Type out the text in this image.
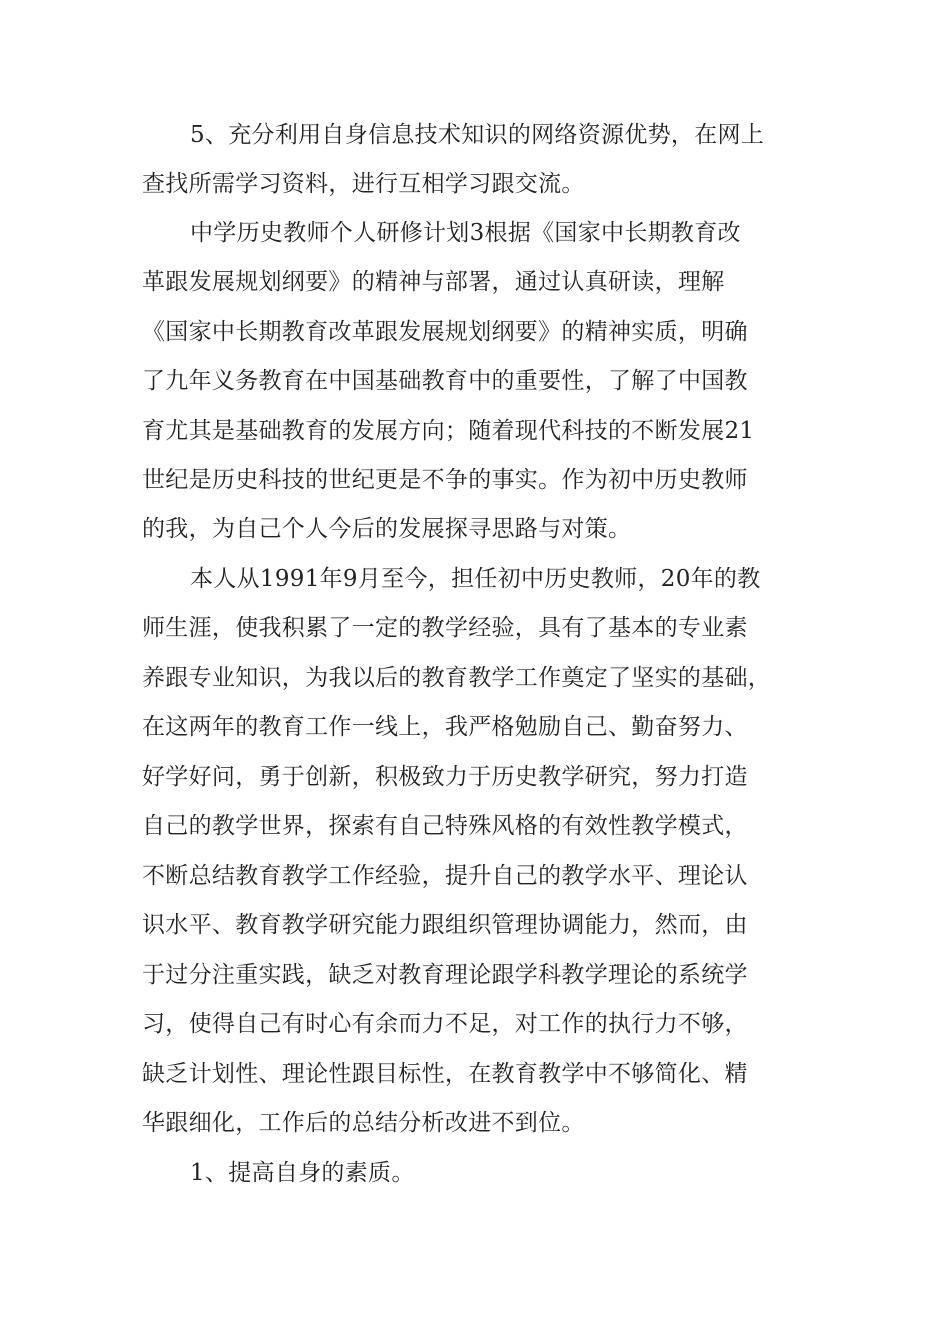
5、充分利用自身信息技术知识的网络资源优势，在网上

查找所需学习资料，进行互相学习跟交流。

中学历史教师个人研修计划3根据《国家中长期教育改

革跟发展规划纲要》的精神与部署，通过认真研读，理解

《国家中长期教育改革跟发展规划纲要》的精神实质，明确

了九年义务教育在中国基础教育中的重要性，了解了中国教

育尤其是基础教育的发展方向；随着现代科技的不断发展21

世纪是历史科技的世纪更是不争的事实。作为初中历史教师

的我，为自己个人今后的发展探寻思路与对策。

本人从1991年9月至今，担任初中历史教师，20年的教

师生涯，使我积累了一定的教学经验，具有了基本的专业素

养跟专业知识，为我以后的教育教学工作奠定了坚实的基础，

在这两年的教育工作一线上，我严格勉励自己、勤奋努力、

好学好问，勇于创新，积极致力于历史教学研究，努力打造

自己的教学世界，探索有自己特殊风格的有效性教学模式，

不断总结教育教学工作经验，提升自己的教学水平、理论认

识水平、教育教学研究能力跟组织管理协调能力，然而，由

于过分注重实践，缺乏对教育理论跟学科教学理论的系统学

习，使得自己有时心有余而力不足，对工作的执行力不够，

缺乏计划性、理论性跟目标性，在教育教学中不够简化、精

华跟细化，工作后的总结分析改进不到位。

1、提高自身的素质。
